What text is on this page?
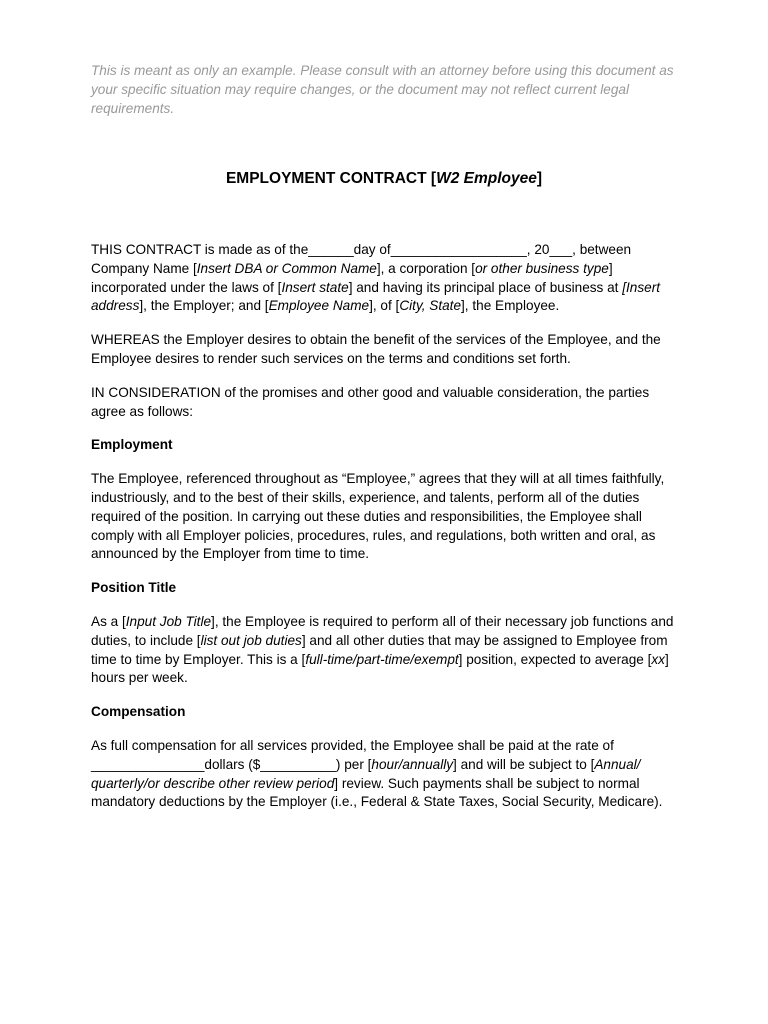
This is meant as only an example. Please consult with an attorney before using this document as your specific situation may require changes, or the document may not reflect current legal requirements.

EMPLOYMENT CONTRACT [W2 Employee]

THIS CONTRACT is made as of the______day of__________________, 20___, between Company Name [Insert DBA or Common Name], a corporation [or other business type] incorporated under the laws of [Insert state] and having its principal place of business at [Insert address], the Employer; and [Employee Name], of [City, State], the Employee.

WHEREAS the Employer desires to obtain the benefit of the services of the Employee, and the Employee desires to render such services on the terms and conditions set forth.

IN CONSIDERATION of the promises and other good and valuable consideration, the parties agree as follows:

Employment

The Employee, referenced throughout as “Employee,” agrees that they will at all times faithfully, industriously, and to the best of their skills, experience, and talents, perform all of the duties required of the position. In carrying out these duties and responsibilities, the Employee shall comply with all Employer policies, procedures, rules, and regulations, both written and oral, as announced by the Employer from time to time.

Position Title

As a [Input Job Title], the Employee is required to perform all of their necessary job functions and duties, to include [list out job duties] and all other duties that may be assigned to Employee from time to time by Employer. This is a [full-time/part-time/exempt] position, expected to average [xx] hours per week.

Compensation

As full compensation for all services provided, the Employee shall be paid at the rate of _______________dollars ($__________) per [hour/annually] and will be subject to [Annual/ quarterly/or describe other review period] review. Such payments shall be subject to normal mandatory deductions by the Employer (i.e., Federal & State Taxes, Social Security, Medicare).
